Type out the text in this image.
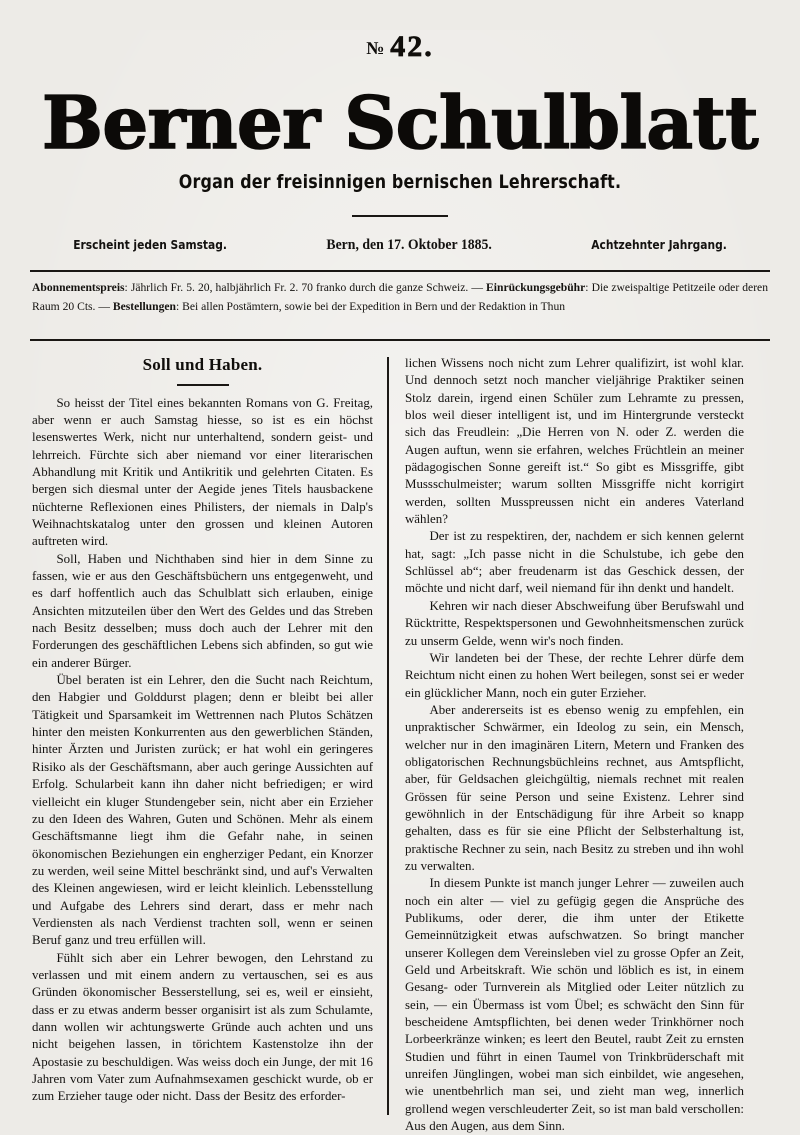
№ 42.
Berner Schulblatt
Organ der freisinnigen bernischen Lehrerschaft.
Erscheint jeden Samstag.	Bern, den 17. Oktober 1885.	Achtzehnter Jahrgang.
Abonnementspreis: Jährlich Fr. 5. 20, halbjährlich Fr. 2. 70 franko durch die ganze Schweiz. — Einrückungsgebühr: Die zweispaltige Petitzeile oder deren Raum 20 Cts. — Bestellungen: Bei allen Postämtern, sowie bei der Expedition in Bern und der Redaktion in Thun
Soll und Haben.

So heisst der Titel eines bekannten Romans von G. Freitag, aber wenn er auch Samstag hiesse, so ist es ein höchst lesenswertes Werk, nicht nur unterhaltend, sondern geist- und lehrreich. Fürchte sich aber niemand vor einer literarischen Abhandlung mit Kritik und Antikritik und gelehrten Citaten. Es bergen sich diesmal unter der Aegide jenes Titels hausbackene nüchterne Reflexionen eines Philisters, der niemals in Dalp's Weihnachtskatalog unter den grossen und kleinen Autoren auftreten wird.

Soll, Haben und Nichthaben sind hier in dem Sinne zu fassen, wie er aus den Geschäftsbüchern uns entgegenweht, und es darf hoffentlich auch das Schulblatt sich erlauben, einige Ansichten mitzuteilen über den Wert des Geldes und das Streben nach Besitz desselben; muss doch auch der Lehrer mit den Forderungen des geschäftlichen Lebens sich abfinden, so gut wie ein anderer Bürger.

Übel beraten ist ein Lehrer, den die Sucht nach Reichtum, den Habgier und Golddurst plagen; denn er bleibt bei aller Tätigkeit und Sparsamkeit im Wettrennen nach Plutos Schätzen hinter den meisten Konkurrenten aus den gewerblichen Ständen, hinter Ärzten und Juristen zurück; er hat wohl ein geringeres Risiko als der Geschäftsmann, aber auch geringe Aussichten auf Erfolg. Schularbeit kann ihn daher nicht befriedigen; er wird vielleicht ein kluger Stundengeber sein, nicht aber ein Erzieher zu den Ideen des Wahren, Guten und Schönen. Mehr als einem Geschäftsmanne liegt ihm die Gefahr nahe, in seinen ökonomischen Beziehungen ein engherziger Pedant, ein Knorzer zu werden, weil seine Mittel beschränkt sind, und auf's Verwalten des Kleinen angewiesen, wird er leicht kleinlich. Lebensstellung und Aufgabe des Lehrers sind derart, dass er mehr nach Verdiensten als nach Verdienst trachten soll, wenn er seinen Beruf ganz und treu erfüllen will.

Fühlt sich aber ein Lehrer bewogen, den Lehrstand zu verlassen und mit einem andern zu vertauschen, sei es aus Gründen ökonomischer Besserstellung, sei es, weil er einsieht, dass er zu etwas anderm besser organisirt ist als zum Schulamte, dann wollen wir achtungswerte Gründe auch achten und uns nicht beigehen lassen, in törichtem Kastenstolze ihn der Apostasie zu beschuldigen. Was weiss doch ein Junge, der mit 16 Jahren vom Vater zum Aufnahmsexamen geschickt wurde, ob er zum Erzieher tauge oder nicht. Dass der Besitz des erforder-

lichen Wissens noch nicht zum Lehrer qualifizirt, ist wohl klar. Und dennoch setzt noch mancher vieljährige Praktiker seinen Stolz darein, irgend einen Schüler zum Lehramte zu pressen, blos weil dieser intelligent ist, und im Hintergrunde versteckt sich das Freudlein: „Die Herren von N. oder Z. werden die Augen auftun, wenn sie erfahren, welches Früchtlein an meiner pädagogischen Sonne gereift ist.“ So gibt es Missgriffe, gibt Mussschulmeister; warum sollten Missgriffe nicht korrigirt werden, sollten Musspreussen nicht ein anderes Vaterland wählen?

Der ist zu respektiren, der, nachdem er sich kennen gelernt hat, sagt: „Ich passe nicht in die Schulstube, ich gebe den Schlüssel ab“; aber freudenarm ist das Geschick dessen, der möchte und nicht darf, weil niemand für ihn denkt und handelt.

Kehren wir nach dieser Abschweifung über Berufswahl und Rücktritte, Respektspersonen und Gewohnheitsmenschen zurück zu unserm Gelde, wenn wir's noch finden.

Wir landeten bei der These, der rechte Lehrer dürfe dem Reichtum nicht einen zu hohen Wert beilegen, sonst sei er weder ein glücklicher Mann, noch ein guter Erzieher.

Aber andererseits ist es ebenso wenig zu empfehlen, ein unpraktischer Schwärmer, ein Ideolog zu sein, ein Mensch, welcher nur in den imaginären Litern, Metern und Franken des obligatorischen Rechnungsbüchleins rechnet, aus Amtspflicht, aber, für Geldsachen gleichgültig, niemals rechnet mit realen Grössen für seine Person und seine Existenz. Lehrer sind gewöhnlich in der Entschädigung für ihre Arbeit so knapp gehalten, dass es für sie eine Pflicht der Selbsterhaltung ist, praktische Rechner zu sein, nach Besitz zu streben und ihn wohl zu verwalten.

In diesem Punkte ist manch junger Lehrer — zuweilen auch noch ein alter — viel zu gefügig gegen die Ansprüche des Publikums, oder derer, die ihm unter der Etikette Gemeinnützigkeit etwas aufschwatzen. So bringt mancher unserer Kollegen dem Vereinsleben viel zu grosse Opfer an Zeit, Geld und Arbeitskraft. Wie schön und löblich es ist, in einem Gesang- oder Turnverein als Mitglied oder Leiter nützlich zu sein, — ein Übermass ist vom Übel; es schwächt den Sinn für bescheidene Amtspflichten, bei denen weder Trinkhörner noch Lorbeerkränze winken; es leert den Beutel, raubt Zeit zu ernsten Studien und führt in einen Taumel von Trinkbrüderschaft mit unreifen Jünglingen, wobei man sich einbildet, wie angesehen, wie unentbehrlich man sei, und zieht man weg, innerlich grollend wegen verschleuderter Zeit, so ist man bald verschollen: Aus den Augen, aus dem Sinn.
